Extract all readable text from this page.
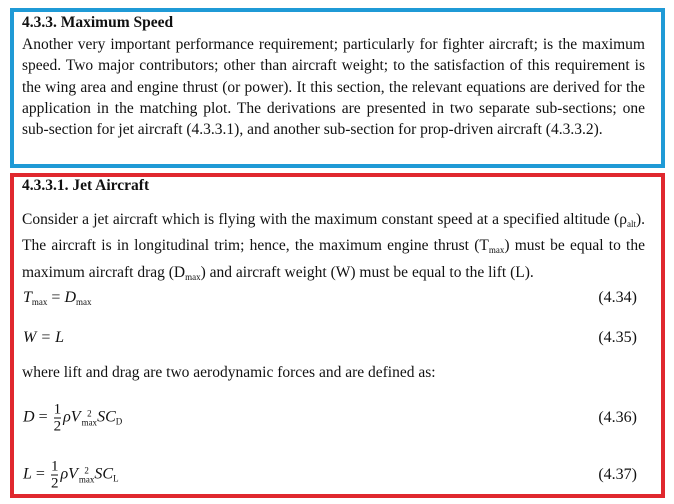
4.3.3. Maximum Speed

Another very important performance requirement; particularly for fighter aircraft; is the maximum speed. Two major contributors; other than aircraft weight; to the satisfaction of this requirement is the wing area and engine thrust (or power). It this section, the relevant equations are derived for the application in the matching plot. The derivations are presented in two separate sub-sections; one sub-section for jet aircraft (4.3.3.1), and another sub-section for prop-driven aircraft (4.3.3.2).

4.3.3.1. Jet Aircraft

Consider a jet aircraft which is flying with the maximum constant speed at a specified altitude $(\rho_{alt})$. The aircraft is in longitudinal trim; hence, the maximum engine thrust $(T_{max})$ must be equal to the maximum aircraft drag $(D_{max})$ and aircraft weight (W) must be equal to the lift (L).

$T_{max} = D_{max}$	(4.34)
W = L	(4.35)

where lift and drag are two aerodynamic forces and are defined as:

$D = \frac{1}{2}$ ρV 2
$\max SC_D$	(4.36)
$L = \frac{1}{2}$ ρV 2
$\max SC_L$	(4.37)
